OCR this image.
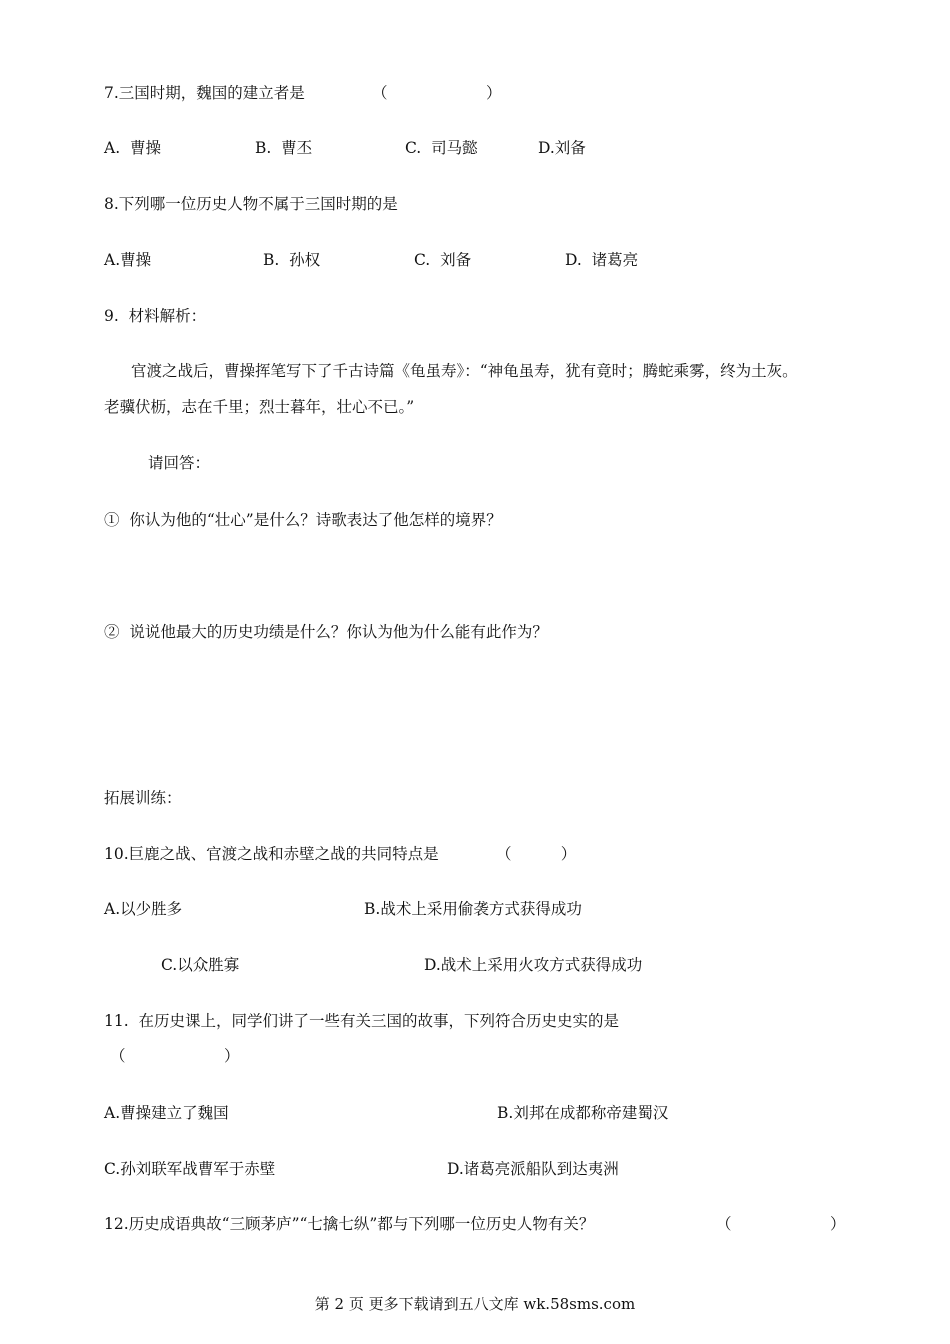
7.三国时期，魏国的建立者是	（                    ）
A.  曹操	B.  曹丕	C.  司马懿	D.刘备
8.下列哪一位历史人物不属于三国时期的是
A.曹操	B.  孙权	C.  刘备	D.  诸葛亮
9.  材料解析：
官渡之战后，曹操挥笔写下了千古诗篇《龟虽寿》：“神龟虽寿，犹有竟时；腾蛇乘雾，终为土灰。
老骥伏枥，志在千里；烈士暮年，壮心不已。”
请回答：
①  你认为他的“壮心”是什么？诗歌表达了他怎样的境界？
②  说说他最大的历史功绩是什么？你认为他为什么能有此作为？
拓展训练：
10.巨鹿之战、官渡之战和赤壁之战的共同特点是	（          ）
A.以少胜多	B.战术上采用偷袭方式获得成功
C.以众胜寡	D.战术上采用火攻方式获得成功
11.  在历史课上，同学们讲了一些有关三国的故事，下列符合历史史实的是
（                    ）
A.曹操建立了魏国	B.刘邦在成都称帝建蜀汉
C.孙刘联军战曹军于赤壁	D.诸葛亮派船队到达夷洲
12.历史成语典故“三顾茅庐”“七擒七纵”都与下列哪一位历史人物有关？	（                    ）
第 2 页 更多下载请到五八文库 wk.58sms.com
